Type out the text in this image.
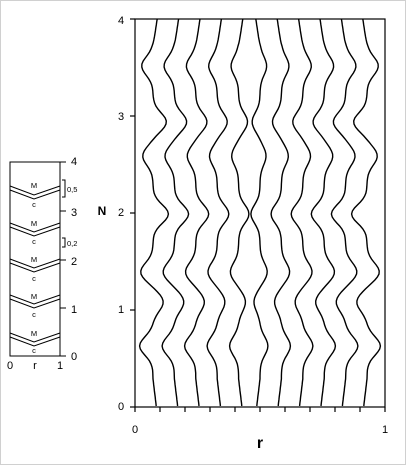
4
3
2
1
0
N
0	1
r
4
3
2
1
0
0,5
0,2
M
c
M
c
M
c
M
c
M
c
0 r 1
